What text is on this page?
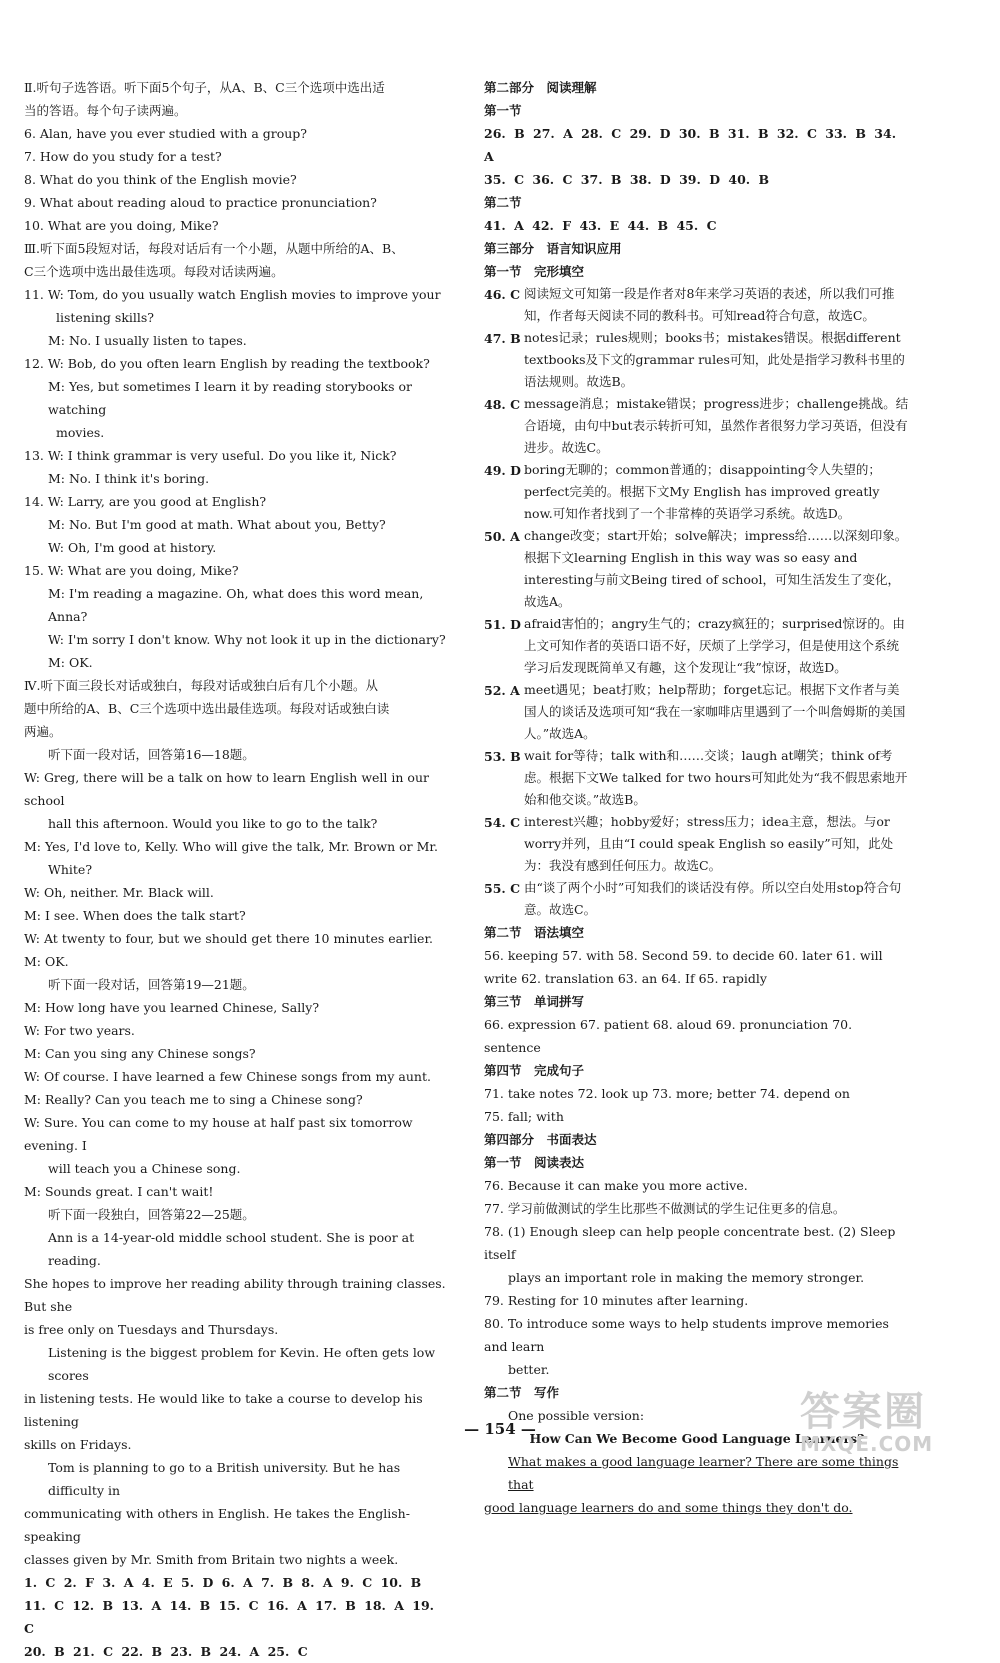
Ⅱ.听句子选答语。听下面5个句子，从A、B、C三个选项中选出适
当的答语。每个句子读两遍。
6. Alan, have you ever studied with a group?
7. How do you study for a test?
8. What do you think of the English movie?
9. What about reading aloud to practice pronunciation?
10. What are you doing, Mike?
Ⅲ.听下面5段短对话，每段对话后有一个小题，从题中所给的A、B、
C三个选项中选出最佳选项。每段对话读两遍。
11. W: Tom, do you usually watch English movies to improve your
listening skills?
M: No. I usually listen to tapes.
12. W: Bob, do you often learn English by reading the textbook?
M: Yes, but sometimes I learn it by reading storybooks or watching
movies.
13. W: I think grammar is very useful. Do you like it, Nick?
M: No. I think it's boring.
14. W: Larry, are you good at English?
M: No. But I'm good at math. What about you, Betty?
W: Oh, I'm good at history.
15. W: What are you doing, Mike?
M: I'm reading a magazine. Oh, what does this word mean, Anna?
W: I'm sorry I don't know. Why not look it up in the dictionary?
M: OK.
Ⅳ.听下面三段长对话或独白，每段对话或独白后有几个小题。从
题中所给的A、B、C三个选项中选出最佳选项。每段对话或独白读
两遍。
听下面一段对话，回答第16—18题。
W: Greg, there will be a talk on how to learn English well in our school
hall this afternoon. Would you like to go to the talk?
M: Yes, I'd love to, Kelly. Who will give the talk, Mr. Brown or Mr.
White?
W: Oh, neither. Mr. Black will.
M: I see. When does the talk start?
W: At twenty to four, but we should get there 10 minutes earlier.
M: OK.
听下面一段对话，回答第19—21题。
M: How long have you learned Chinese, Sally?
W: For two years.
M: Can you sing any Chinese songs?
W: Of course. I have learned a few Chinese songs from my aunt.
M: Really? Can you teach me to sing a Chinese song?
W: Sure. You can come to my house at half past six tomorrow evening. I
will teach you a Chinese song.
M: Sounds great. I can't wait!
听下面一段独白，回答第22—25题。
Ann is a 14-year-old middle school student. She is poor at reading.
She hopes to improve her reading ability through training classes. But she
is free only on Tuesdays and Thursdays.
Listening is the biggest problem for Kevin. He often gets low scores
in listening tests. He would like to take a course to develop his listening
skills on Fridays.
Tom is planning to go to a British university. But he has difficulty in
communicating with others in English. He takes the English-speaking
classes given by Mr. Smith from Britain two nights a week.
1. C 2. F 3. A 4. E 5. D 6. A 7. B 8. A 9. C 10. B
11. C 12. B 13. A 14. B 15. C 16. A 17. B 18. A 19. C
20. B 21. C 22. B 23. B 24. A 25. C
第二部分　阅读理解
第一节
26. B 27. A 28. C 29. D 30. B 31. B 32. C 33. B 34. A
35. C 36. C 37. B 38. D 39. D 40. B
第二节
41. A 42. F 43. E 44. B 45. C
第三部分　语言知识应用
第一节　完形填空
46. C 阅读短文可知第一段是作者对8年来学习英语的表述，所以我们可推知，作者每天阅读不同的教科书。可知read符合句意，故选C。
47. B notes记录；rules规则；books书；mistakes错误。根据different textbooks及下文的grammar rules可知，此处是指学习教科书里的语法规则。故选B。
48. C message消息；mistake错误；progress进步；challenge挑战。结合语境，由句中but表示转折可知，虽然作者很努力学习英语，但没有进步。故选C。
49. D boring无聊的；common普通的；disappointing令人失望的；perfect完美的。根据下文My English has improved greatly now.可知作者找到了一个非常棒的英语学习系统。故选D。
50. A change改变；start开始；solve解决；impress给……以深刻印象。根据下文learning English in this way was so easy and interesting与前文Being tired of school，可知生活发生了变化，故选A。
51. D afraid害怕的；angry生气的；crazy疯狂的；surprised惊讶的。由上文可知作者的英语口语不好，厌烦了上学学习，但是使用这个系统学习后发现既简单又有趣，这个发现让“我”惊讶，故选D。
52. A meet遇见；beat打败；help帮助；forget忘记。根据下文作者与美国人的谈话及选项可知“我在一家咖啡店里遇到了一个叫詹姆斯的美国人。”故选A。
53. B wait for等待；talk with和……交谈；laugh at嘲笑；think of考虑。根据下文We talked for two hours可知此处为“我不假思索地开始和他交谈。”故选B。
54. C interest兴趣；hobby爱好；stress压力；idea主意，想法。与or worry并列，且由“I could speak English so easily”可知，此处为：我没有感到任何压力。故选C。
55. C 由“谈了两个小时”可知我们的谈话没有停。所以空白处用stop符合句意。故选C。
第二节　语法填空
56. keeping 57. with 58. Second 59. to decide 60. later 61. will
write 62. translation 63. an 64. If 65. rapidly
第三节　单词拼写
66. expression 67. patient 68. aloud 69. pronunciation 70. sentence
第四节　完成句子
71. take notes 72. look up 73. more; better 74. depend on
75. fall; with
第四部分　书面表达
第一节　阅读表达
76. Because it can make you more active.
77. 学习前做测试的学生比那些不做测试的学生记住更多的信息。
78. (1) Enough sleep can help people concentrate best. (2) Sleep itself
plays an important role in making the memory stronger.
79. Resting for 10 minutes after learning.
80. To introduce some ways to help students improve memories and learn
better.
第二节　写作
One possible version:
How Can We Become Good Language Learners?
What makes a good language learner? There are some things that
good language learners do and some things they don't do.
— 154 —	答案圈
MXQE.COM
